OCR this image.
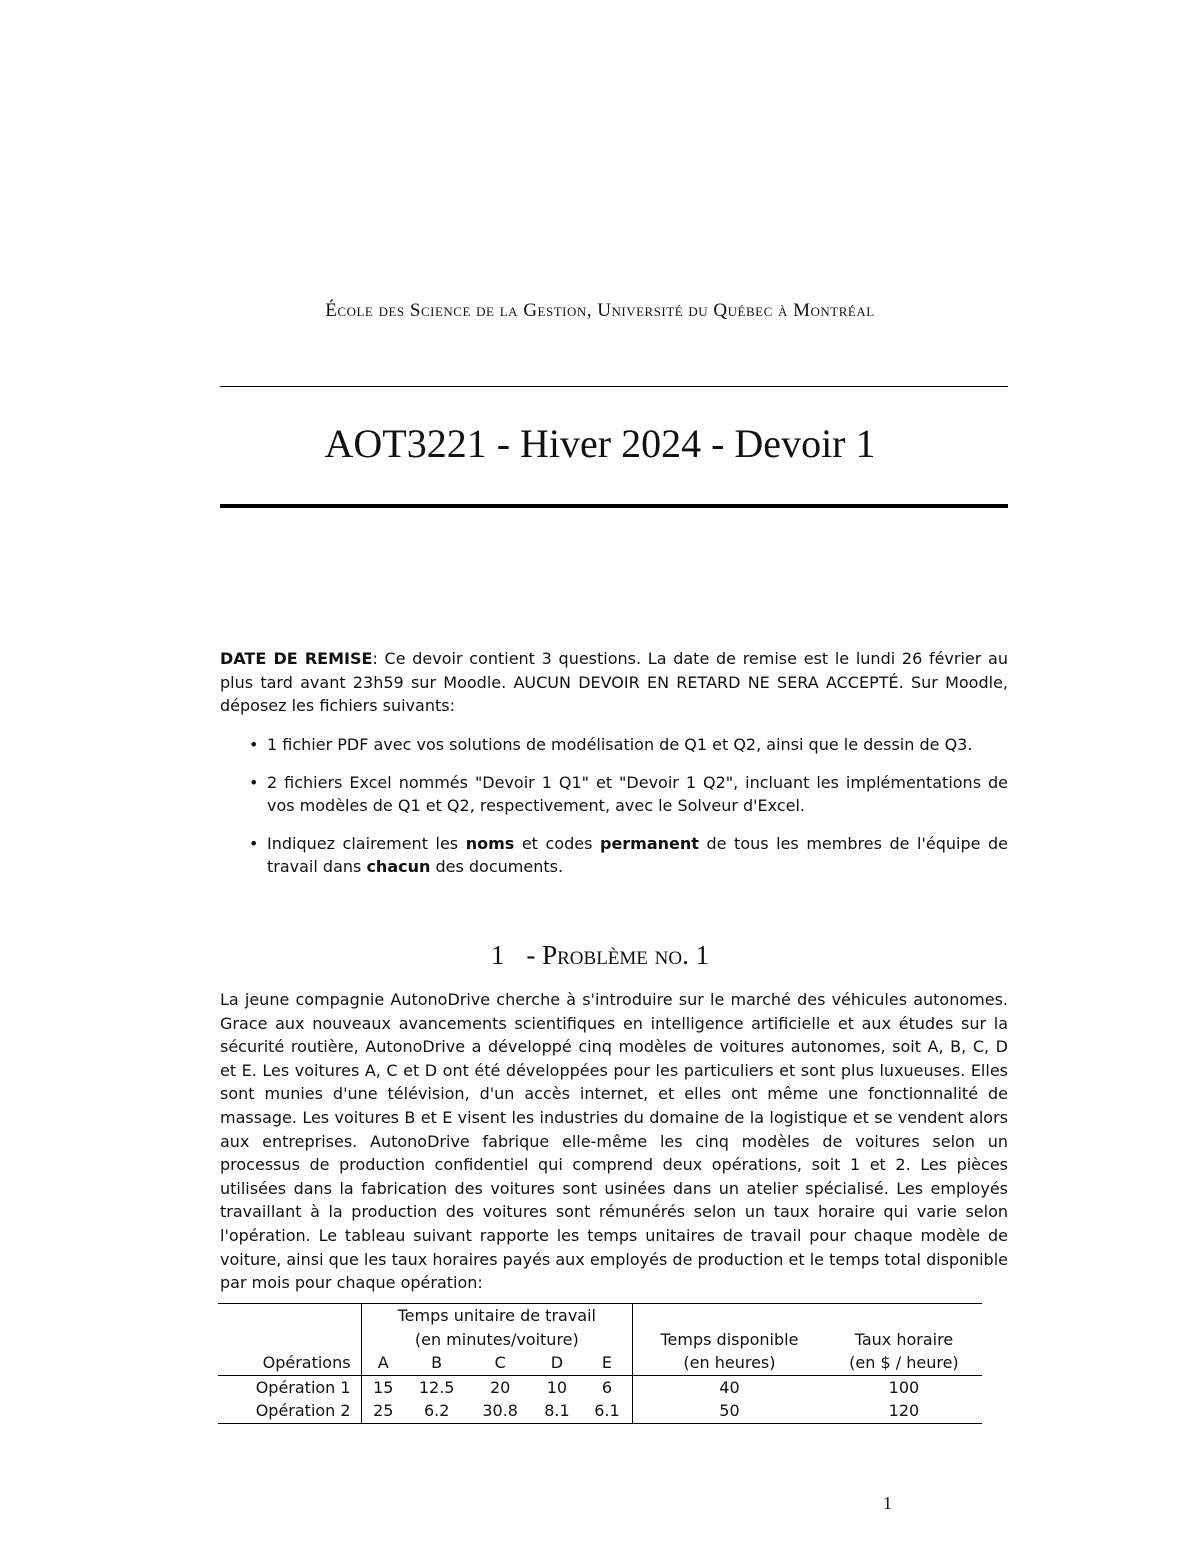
École des Science de la Gestion, Université du Québec à Montréal
AOT3221 - Hiver 2024 - Devoir 1
DATE DE REMISE: Ce devoir contient 3 questions. La date de remise est le lundi 26 février au plus tard avant 23h59 sur Moodle. AUCUN DEVOIR EN RETARD NE SERA ACCEPTÉ. Sur Moodle, déposez les fichiers suivants:
• 1 fichier PDF avec vos solutions de modélisation de Q1 et Q2, ainsi que le dessin de Q3.
• 2 fichiers Excel nommés "Devoir 1 Q1" et "Devoir 1 Q2", incluant les implémentations de vos modèles de Q1 et Q2, respectivement, avec le Solveur d'Excel.
• Indiquez clairement les noms et codes permanent de tous les membres de l'équipe de travail dans chacun des documents.
1 - Problème no. 1
La jeune compagnie AutonoDrive cherche à s'introduire sur le marché des véhicules autonomes. Grace aux nouveaux avancements scientifiques en intelligence artificielle et aux études sur la sécurité routière, AutonoDrive a développé cinq modèles de voitures autonomes, soit A, B, C, D et E. Les voitures A, C et D ont été développées pour les particuliers et sont plus luxueuses. Elles sont munies d'une télévision, d'un accès internet, et elles ont même une fonctionnalité de massage. Les voitures B et E visent les industries du domaine de la logistique et se vendent alors aux entreprises. AutonoDrive fabrique elle-même les cinq modèles de voitures selon un processus de production confidentiel qui comprend deux opérations, soit 1 et 2. Les pièces utilisées dans la fabrication des voitures sont usinées dans un atelier spécialisé. Les employés travaillant à la production des voitures sont rémunérés selon un taux horaire qui varie selon l'opération. Le tableau suivant rapporte les temps unitaires de travail pour chaque modèle de voiture, ainsi que les taux horaires payés aux employés de production et le temps total disponible par mois pour chaque opération:
	Temps unitaire de travail						
	(en minutes/voiture)					Temps disponible	Taux horaire
Opérations	A	B	C	D	E	(en heures)	(en $ / heure)
Opération 1	15	12.5	20	10	6	40	100
Opération 2	25	6.2	30.8	8.1	6.1	50	120
1
